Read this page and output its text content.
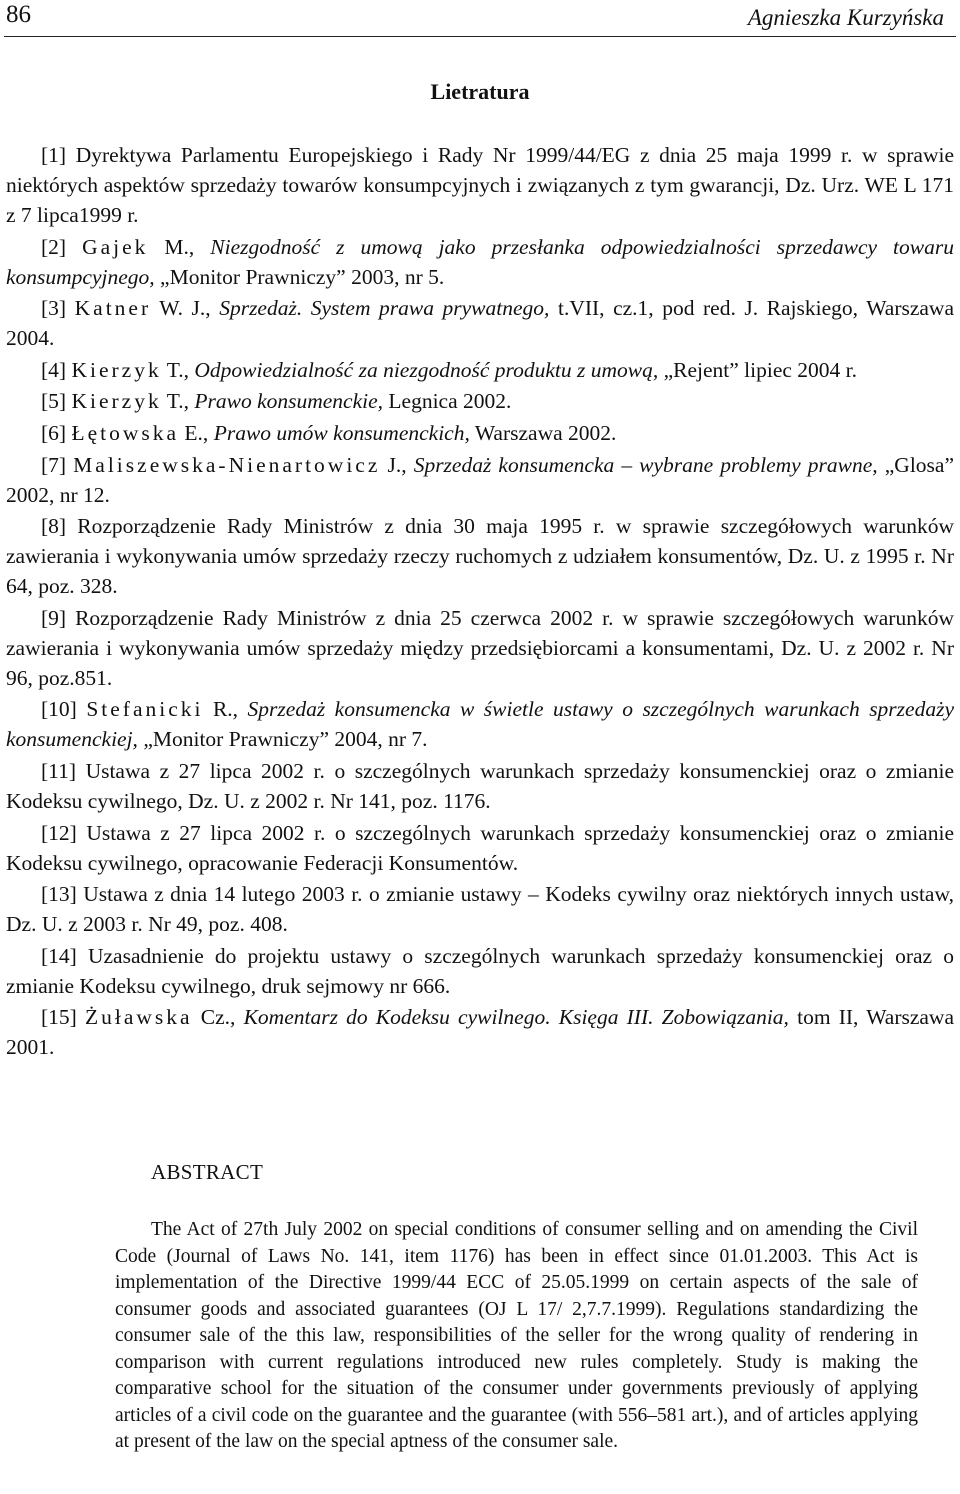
86	Agnieszka Kurzyńska
Lietratura

[1] Dyrektywa Parlamentu Europejskiego i Rady Nr 1999/44/EG z dnia 25 maja 1999 r. w sprawie niektórych aspektów sprzedaży towarów konsumpcyjnych i związanych z tym gwarancji, Dz. Urz. WE L 171 z 7 lipca1999 r.

[2] Gajek M., Niezgodność z umową jako przesłanka odpowiedzialności sprzedawcy towaru konsumpcyjnego, „Monitor Prawniczy” 2003, nr 5.

[3] Katner W. J., Sprzedaż. System prawa prywatnego, t.VII, cz.1, pod red. J. Rajskiego, Warszawa 2004.

[4] Kierzyk T., Odpowiedzialność za niezgodność produktu z umową, „Rejent” lipiec 2004 r.

[5] Kierzyk T., Prawo konsumenckie, Legnica 2002.

[6] Łętowska E., Prawo umów konsumenckich, Warszawa 2002.

[7] Maliszewska-Nienartowicz J., Sprzedaż konsumencka – wybrane problemy prawne, „Glosa” 2002, nr 12.

[8] Rozporządzenie Rady Ministrów z dnia 30 maja 1995 r. w sprawie szczegółowych warunków zawierania i wykonywania umów sprzedaży rzeczy ruchomych z udziałem konsumentów, Dz. U. z 1995 r. Nr 64, poz. 328.

[9] Rozporządzenie Rady Ministrów z dnia 25 czerwca 2002 r. w sprawie szczegółowych warunków zawierania i wykonywania umów sprzedaży między przedsiębiorcami a konsumentami, Dz. U. z 2002 r. Nr 96, poz.851.

[10] Stefanicki R., Sprzedaż konsumencka w świetle ustawy o szczególnych warunkach sprzedaży konsumenckiej, „Monitor Prawniczy” 2004, nr 7.

[11] Ustawa z 27 lipca 2002 r. o szczególnych warunkach sprzedaży konsumenckiej oraz o zmianie Kodeksu cywilnego, Dz. U. z 2002 r. Nr 141, poz. 1176.

[12] Ustawa z 27 lipca 2002 r. o szczególnych warunkach sprzedaży konsumenckiej oraz o zmianie Kodeksu cywilnego, opracowanie Federacji Konsumentów.

[13] Ustawa z dnia 14 lutego 2003 r. o zmianie ustawy – Kodeks cywilny oraz niektórych innych ustaw, Dz. U. z 2003 r. Nr 49, poz. 408.

[14] Uzasadnienie do projektu ustawy o szczególnych warunkach sprzedaży konsumenckiej oraz o zmianie Kodeksu cywilnego, druk sejmowy nr 666.

[15] Żuławska Cz., Komentarz do Kodeksu cywilnego. Księga III. Zobowiązania, tom II, Warszawa 2001.

ABSTRACT

The Act of 27th July 2002 on special conditions of consumer selling and on amending the Civil Code (Journal of Laws No. 141, item 1176) has been in effect since 01.01.2003. This Act is implementation of the Directive 1999/44 ECC of 25.05.1999 on certain aspects of the sale of consumer goods and associated guarantees (OJ L 17/ 2,7.7.1999). Regulations standardizing the consumer sale of the this law, responsibilities of the seller for the wrong quality of rendering in comparison with current regulations introduced new rules completely. Study is making the comparative school for the situation of the consumer under governments previously of applying articles of a civil code on the guarantee and the guarantee (with 556–581 art.), and of articles applying at present of the law on the special aptness of the consumer sale.
